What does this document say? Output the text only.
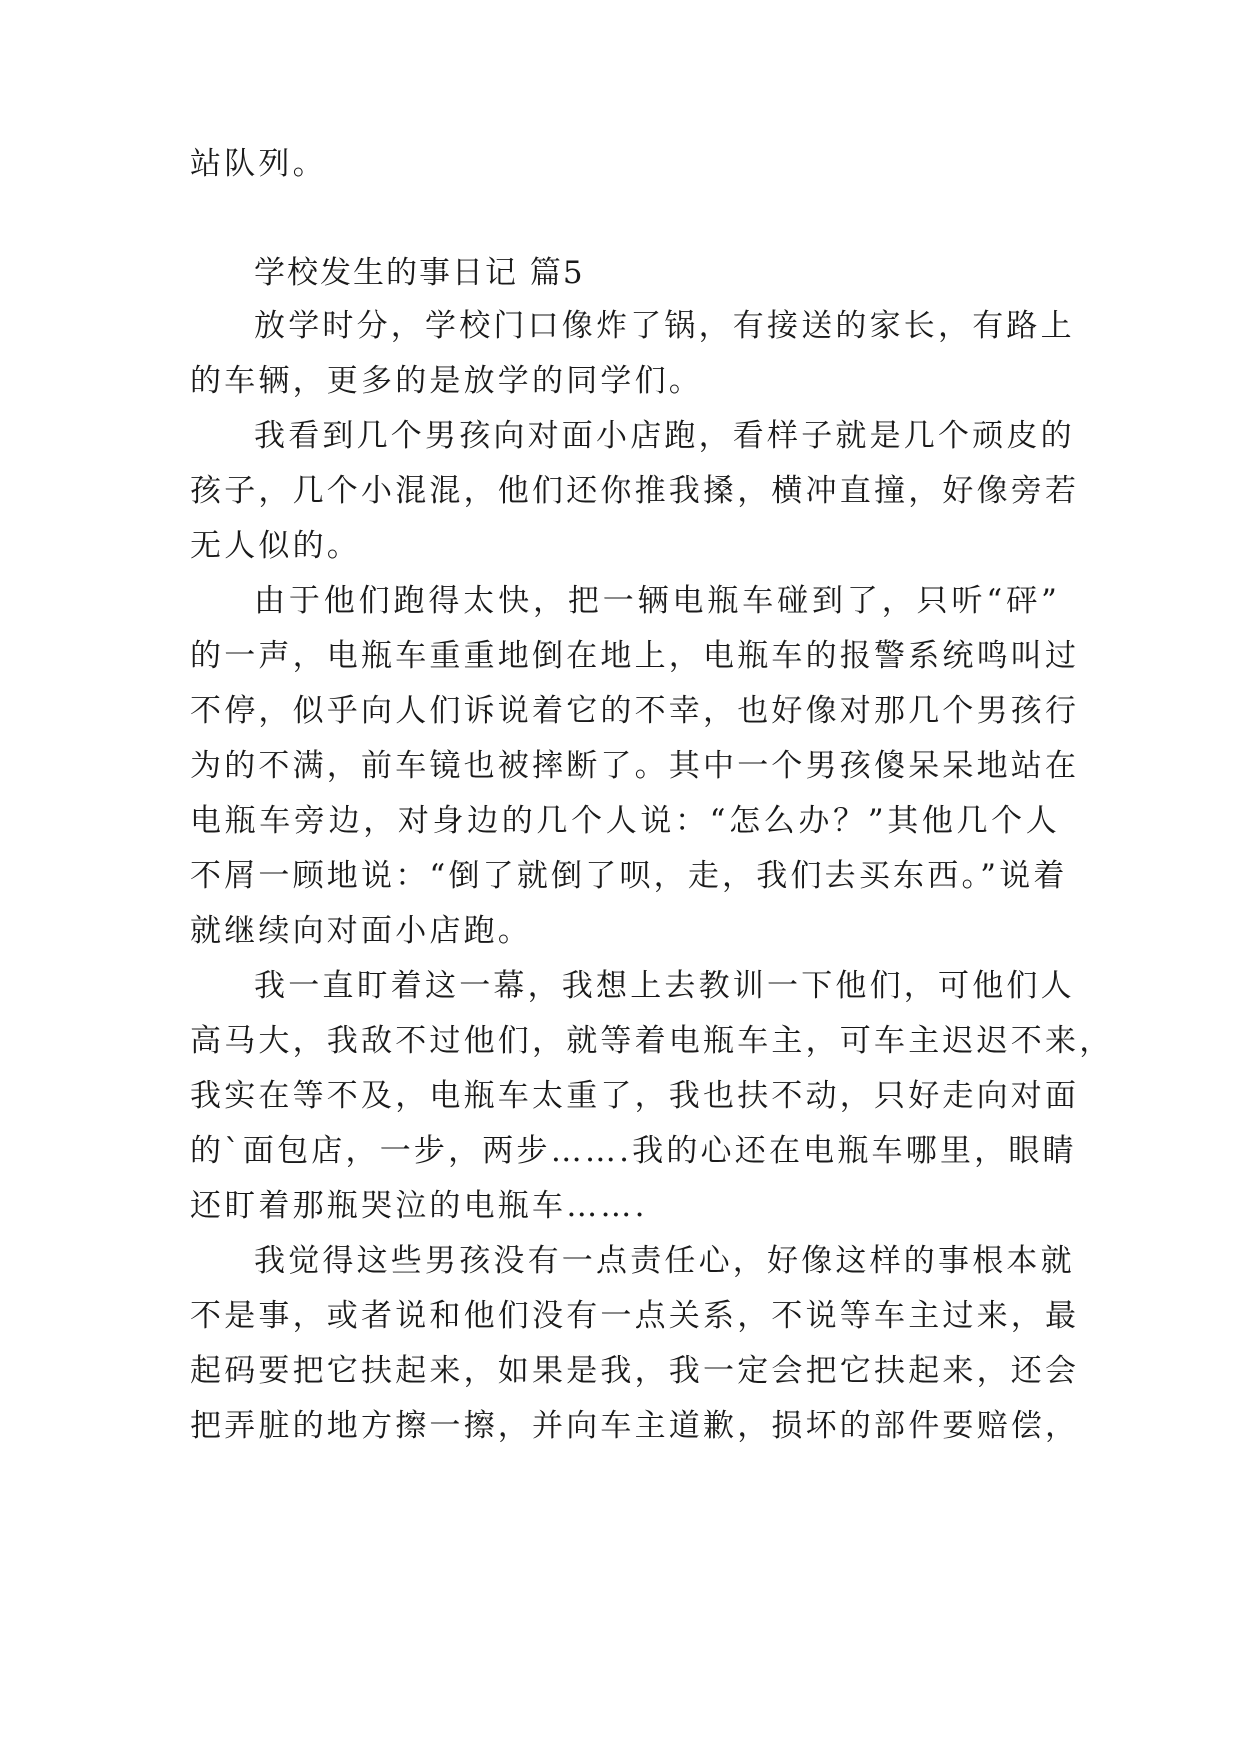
站队列。
学校发生的事日记 篇5
放学时分，学校门口像炸了锅，有接送的家长，有路上
的车辆，更多的是放学的同学们。
我看到几个男孩向对面小店跑，看样子就是几个顽皮的
孩子，几个小混混，他们还你推我搡，横冲直撞，好像旁若
无人似的。
由于他们跑得太快，把一辆电瓶车碰到了，只听“砰”
的一声，电瓶车重重地倒在地上，电瓶车的报警系统鸣叫过
不停，似乎向人们诉说着它的不幸，也好像对那几个男孩行
为的不满，前车镜也被摔断了。其中一个男孩傻呆呆地站在
电瓶车旁边，对身边的几个人说：“怎么办？”其他几个人
不屑一顾地说：“倒了就倒了呗，走，我们去买东西。”说着
就继续向对面小店跑。
我一直盯着这一幕，我想上去教训一下他们，可他们人
高马大，我敌不过他们，就等着电瓶车主，可车主迟迟不来，
我实在等不及，电瓶车太重了，我也扶不动，只好走向对面
的`面包店，一步，两步…….我的心还在电瓶车哪里，眼睛
还盯着那瓶哭泣的电瓶车…….
我觉得这些男孩没有一点责任心，好像这样的事根本就
不是事，或者说和他们没有一点关系，不说等车主过来，最
起码要把它扶起来，如果是我，我一定会把它扶起来，还会
把弄脏的地方擦一擦，并向车主道歉，损坏的部件要赔偿，
